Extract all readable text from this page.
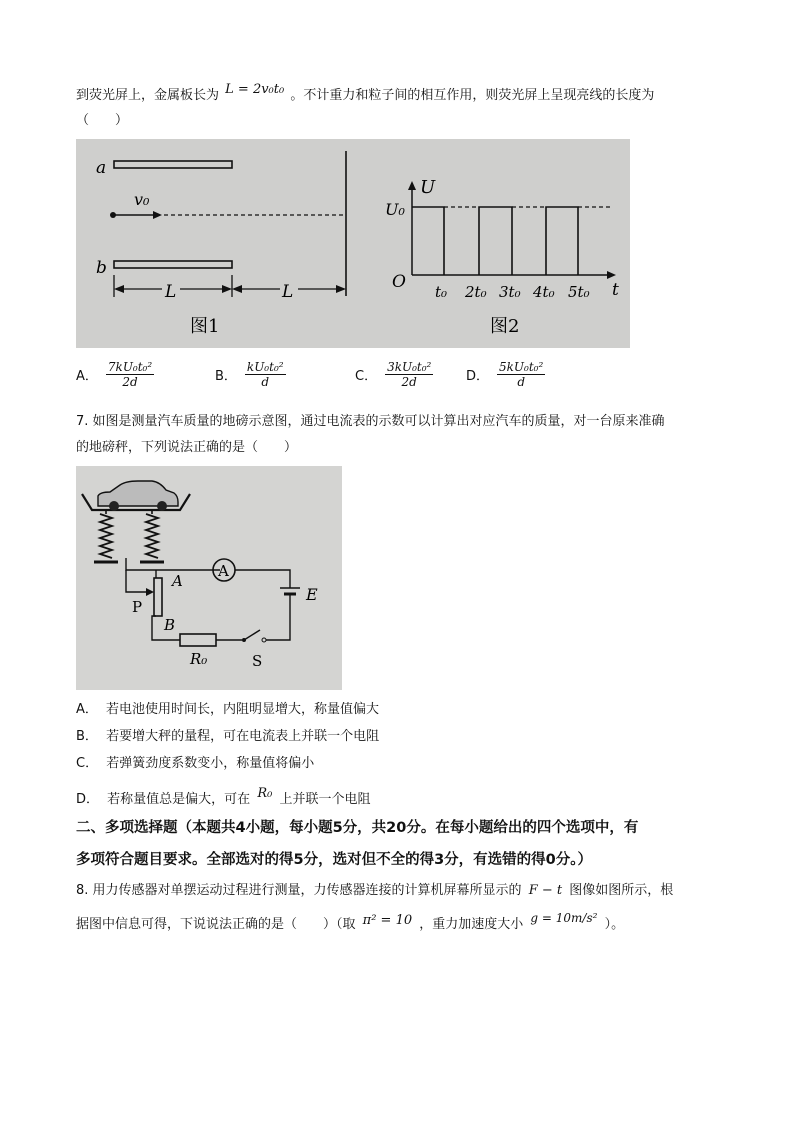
到荧光屏上，金属板长为 L = 2v₀t₀ 。不计重力和粒子间的相互作用，则荧光屏上呈现亮线的长度为
（　　）
a
b
v₀
L	L
图1
U
U₀
O	t
t₀ 2t₀ 3t₀ 4t₀ 5t₀
图2
A． $\frac{\text{7kU₀t₀²}}{2d}$	B． $\frac{\text{kU₀t₀²}}{d}$	C． $\frac{\text{3kU₀t₀²}}{2d}$	D． $\frac{\text{5kU₀t₀²}}{d}$
7. 如图是测量汽车质量的地磅示意图，通过电流表的示数可以计算出对应汽车的质量，对一台原来准确
的地磅秤，下列说法正确的是（　　）
A
E
S
R₀
A
P
B
A． 若电池使用时间长，内阻明显增大，称量值偏大
B． 若要增大秤的量程，可在电流表上并联一个电阻
C． 若弹簧劲度系数变小，称量值将偏小
D． 若称量值总是偏大，可在 R₀ 上并联一个电阻
二、多项选择题（本题共4小题，每小题5分，共20分。在每小题给出的四个选项中，有
多项符合题目要求。全部选对的得5分，选对但不全的得3分，有选错的得0分。）
8. 用力传感器对单摆运动过程进行测量，力传感器连接的计算机屏幕所显示的 F − t 图像如图所示，根
据图中信息可得，下说说法正确的是（　　）（取 π² = 10 ，重力加速度大小 g = 10m/s² ）。
